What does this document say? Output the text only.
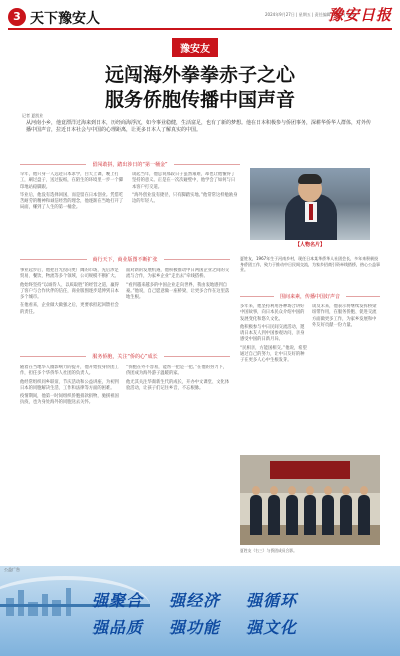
3 天下豫安人	2024年9月27日 | 星期五 | 责任编辑 | 编辑 | 审阅
豫安日报
豫安友
远闯海外拳拳赤子之心
服务侨胞传播中国声音
记者 夏凯业
从河南小乡，他竟漂洋过海来到日本，历经商海浮沉，如今事业稳健，生活富足，也有了新的梦想。他在日本积极参与侨团事务，深耕华侨华人群体，对外传播中国声音，拉近日本社会与中国的心理距离，让更多日本人了解真实的中国。
留闯敢拼，踏出涉日的“第一桶金”
早年，他只身一人远赴日本求学，白天上课，晚上打工，刷过盘子，送过报纸，在陌生的环境里一步一个脚印地站稳脚跟。
毕业后，他没有选择回国，而是留在日本创业。凭借吃苦耐劳的精神和诚信经营的理念，他逐渐在当地打开了局面，赚到了人生的第一桶金。
谈起当年，他总说那段日子虽然艰难，却也让他懂得了坚持的意义。正是在一次次碰壁中，他学会了如何与日本客户打交道。
“海外创业没有捷径，只有脚踏实地。”他常常这样勉励身边的年轻人。
【人物名片】
夏姓友，1967年生于河南乡村，现任日本某华侨华人社团会长，多年来积极投身侨团工作，致力于推动中日民间交流，为家乡招商引资牵线搭桥，热心公益事业。
商行天下，商业版图不断扩张
事业起步后，他把目光投向更广阔的市场，先后涉足贸易、餐饮、物流等多个领域，公司规模不断扩大。
他始终坚持“以诚待人、以质取胜”的经营之道，赢得了客户与合作伙伴的信任，商业版图逐步延伸到日本多个城市。
在他看来，企业做大做强之后，更要承担起回馈社会的责任。
面对新的发展机遇，他积极推动中日两国企业之间的交流与合作，为家乡企业“走出去”牵线搭桥。
“看到越来越多的中国企业走向世界，我由衷地感到自豪。”他说，自己愿意做一座桥梁，让更多合作在这里落地生根。	围间来素，传播中国好声音
多年来，他坚持利用各种场合讲好中国故事，向日本民众介绍中国的发展变化和悠久文化。
他积极参与中日民间交流活动，邀请日本友人到中国参观访问，亲身感受中国的日新月异。
“民相亲，方能国相交。”他说，希望通过自己的努力，让中日友好的种子在更多人心中生根发芽。
谈及未来，他表示将继续发挥桥梁纽带作用，在服务侨胞、促进交流方面做更多工作，为家乡发展和中外友好贡献一份力量。
服务侨胞，关注“侨的心”成长
随着在当地华人圈影响力的提升，他开始投身侨团工作，担任多个华侨华人社团的负责人。
他经常组织同乡联谊、节庆活动和公益讲座，为初到日本的同胞解决生活、工作和法律等方面的困难。
疫情期间，他第一时间组织侨胞捐款捐物，驰援祖国抗疫，也为身处海外的同胞送去关怀。
“侨胞在外不容易，能帮一把是一把。”在他的努力下，侨团成为海外游子温暖的家。
他尤其关注华裔新生代的成长，开办中文课堂、文化体验活动，让孩子们记住乡音，不忘根脉。
夏姓友（右三）与侨团成员合影。
公益广告
强聚合 强经济 强循环
强品质 强功能 强文化
